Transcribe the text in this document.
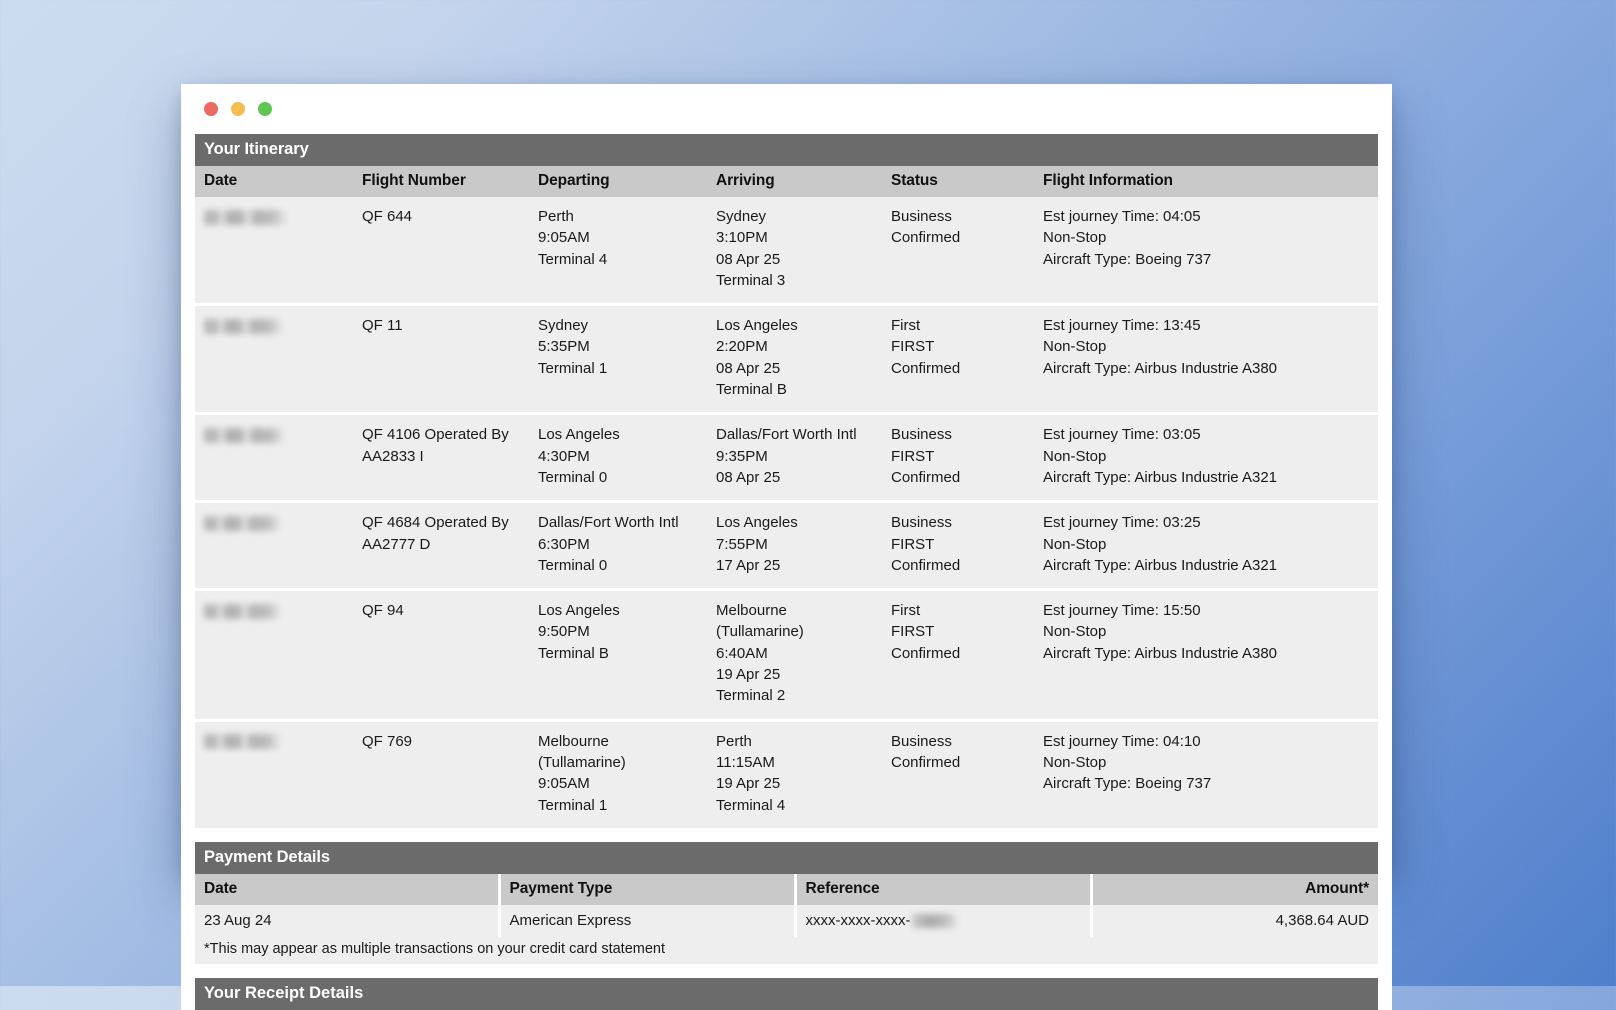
Your Itinerary
Date	Flight Number	Departing	Arriving	Status	Flight Information

	QF 644	Perth
9:05AM
Terminal 4	Sydney
3:10PM
08 Apr 25
Terminal 3	Business
Confirmed	Est journey Time: 04:05
Non-Stop
Aircraft Type: Boeing 737

	QF 11	Sydney
5:35PM
Terminal 1	Los Angeles
2:20PM
08 Apr 25
Terminal B	First
FIRST
Confirmed	Est journey Time: 13:45
Non-Stop
Aircraft Type: Airbus Industrie A380

	QF 4106 Operated By
AA2833 I	Los Angeles
4:30PM
Terminal 0	Dallas/Fort Worth Intl
9:35PM
08 Apr 25	Business
FIRST
Confirmed	Est journey Time: 03:05
Non-Stop
Aircraft Type: Airbus Industrie A321

	QF 4684 Operated By
AA2777 D	Dallas/Fort Worth Intl
6:30PM
Terminal 0	Los Angeles
7:55PM
17 Apr 25	Business
FIRST
Confirmed	Est journey Time: 03:25
Non-Stop
Aircraft Type: Airbus Industrie A321

	QF 94	Los Angeles
9:50PM
Terminal B	Melbourne
(Tullamarine)
6:40AM
19 Apr 25
Terminal 2	First
FIRST
Confirmed	Est journey Time: 15:50
Non-Stop
Aircraft Type: Airbus Industrie A380

	QF 769	Melbourne
(Tullamarine)
9:05AM
Terminal 1	Perth
11:15AM
19 Apr 25
Terminal 4	Business
Confirmed	Est journey Time: 04:10
Non-Stop
Aircraft Type: Boeing 737
Payment Details
Date	Payment Type	Reference	Amount*
23 Aug 24	American Express	xxxx-xxxx-xxxx-	4,368.64 AUD
*This may appear as multiple transactions on your credit card statement
Your Receipt Details
